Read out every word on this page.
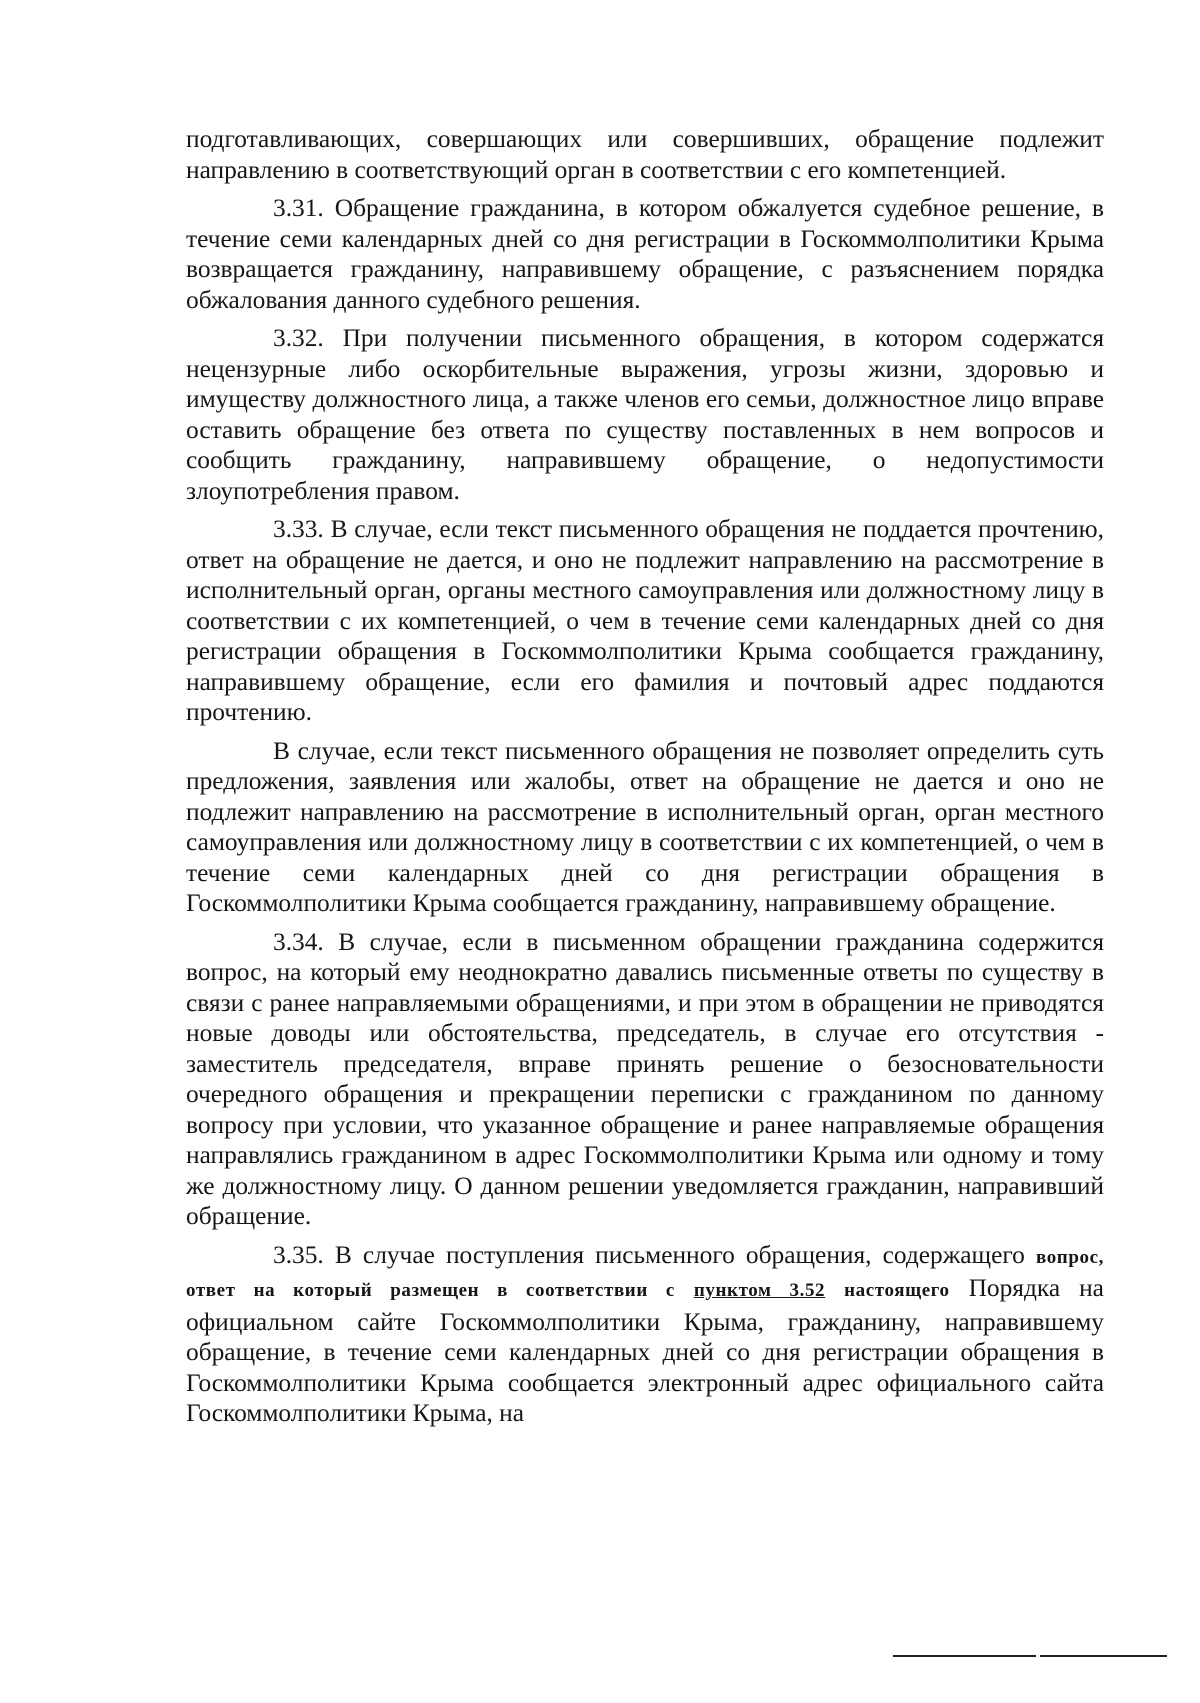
подготавливающих, совершающих или совершивших, обращение подлежит направлению в соответствующий орган в соответствии с его компетенцией.

3.31. Обращение гражданина, в котором обжалуется судебное решение, в течение семи календарных дней со дня регистрации в Госкоммолполитики Крыма возвращается гражданину, направившему обращение, с разъяснением порядка обжалования данного судебного решения.

3.32. При получении письменного обращения, в котором содержатся нецензурные либо оскорбительные выражения, угрозы жизни, здоровью и имуществу должностного лица, а также членов его семьи, должностное лицо вправе оставить обращение без ответа по существу поставленных в нем вопросов и сообщить гражданину, направившему обращение, о недопустимости злоупотребления правом.

3.33. В случае, если текст письменного обращения не поддается прочтению, ответ на обращение не дается, и оно не подлежит направлению на рассмотрение в исполнительный орган, органы местного самоуправления или должностному лицу в соответствии с их компетенцией, о чем в течение семи календарных дней со дня регистрации обращения в Госкоммолполитики Крыма сообщается гражданину, направившему обращение, если его фамилия и почтовый адрес поддаются прочтению.

В случае, если текст письменного обращения не позволяет определить суть предложения, заявления или жалобы, ответ на обращение не дается и оно не подлежит направлению на рассмотрение в исполнительный орган, орган местного самоуправления или должностному лицу в соответствии с их компетенцией, о чем в течение семи календарных дней со дня регистрации обращения в Госкоммолполитики Крыма сообщается гражданину, направившему обращение.

3.34. В случае, если в письменном обращении гражданина содержится вопрос, на который ему неоднократно давались письменные ответы по существу в связи с ранее направляемыми обращениями, и при этом в обращении не приводятся новые доводы или обстоятельства, председатель, в случае его отсутствия - заместитель председателя, вправе принять решение о безосновательности очередного обращения и прекращении переписки с гражданином по данному вопросу при условии, что указанное обращение и ранее направляемые обращения направлялись гражданином в адрес Госкоммолполитики Крыма или одному и тому же должностному лицу. О данном решении уведомляется гражданин, направивший обращение.

3.35. В случае поступления письменного обращения, содержащего вопрос, ответ на который размещен в соответствии с пунктом 3.52 настоящего Порядка на официальном сайте Госкоммолполитики Крыма, гражданину, направившему обращение, в течение семи календарных дней со дня регистрации обращения в Госкоммолполитики Крыма сообщается электронный адрес официального сайта Госкоммолполитики Крыма, на
